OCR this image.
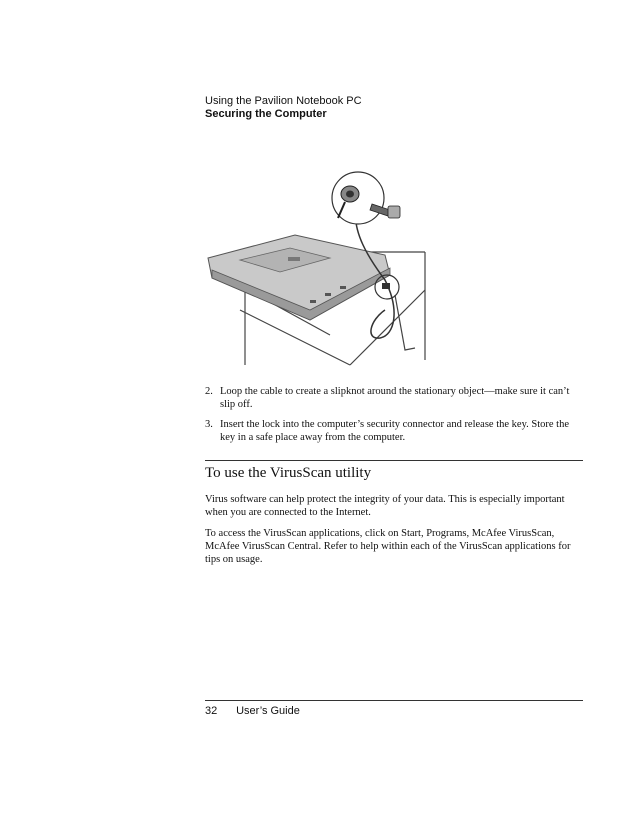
Using the Pavilion Notebook PC
Securing the Computer
2. Loop the cable to create a slipknot around the stationary object—make sure it can’t slip off.
3. Insert the lock into the computer’s security connector and release the key. Store the key in a safe place away from the computer.
To use the VirusScan utility

Virus software can help protect the integrity of your data. This is especially important when you are connected to the Internet.

To access the VirusScan applications, click on Start, Programs, McAfee VirusScan, McAfee VirusScan Central. Refer to help within each of the VirusScan applications for tips on usage.

32 User’s Guide
